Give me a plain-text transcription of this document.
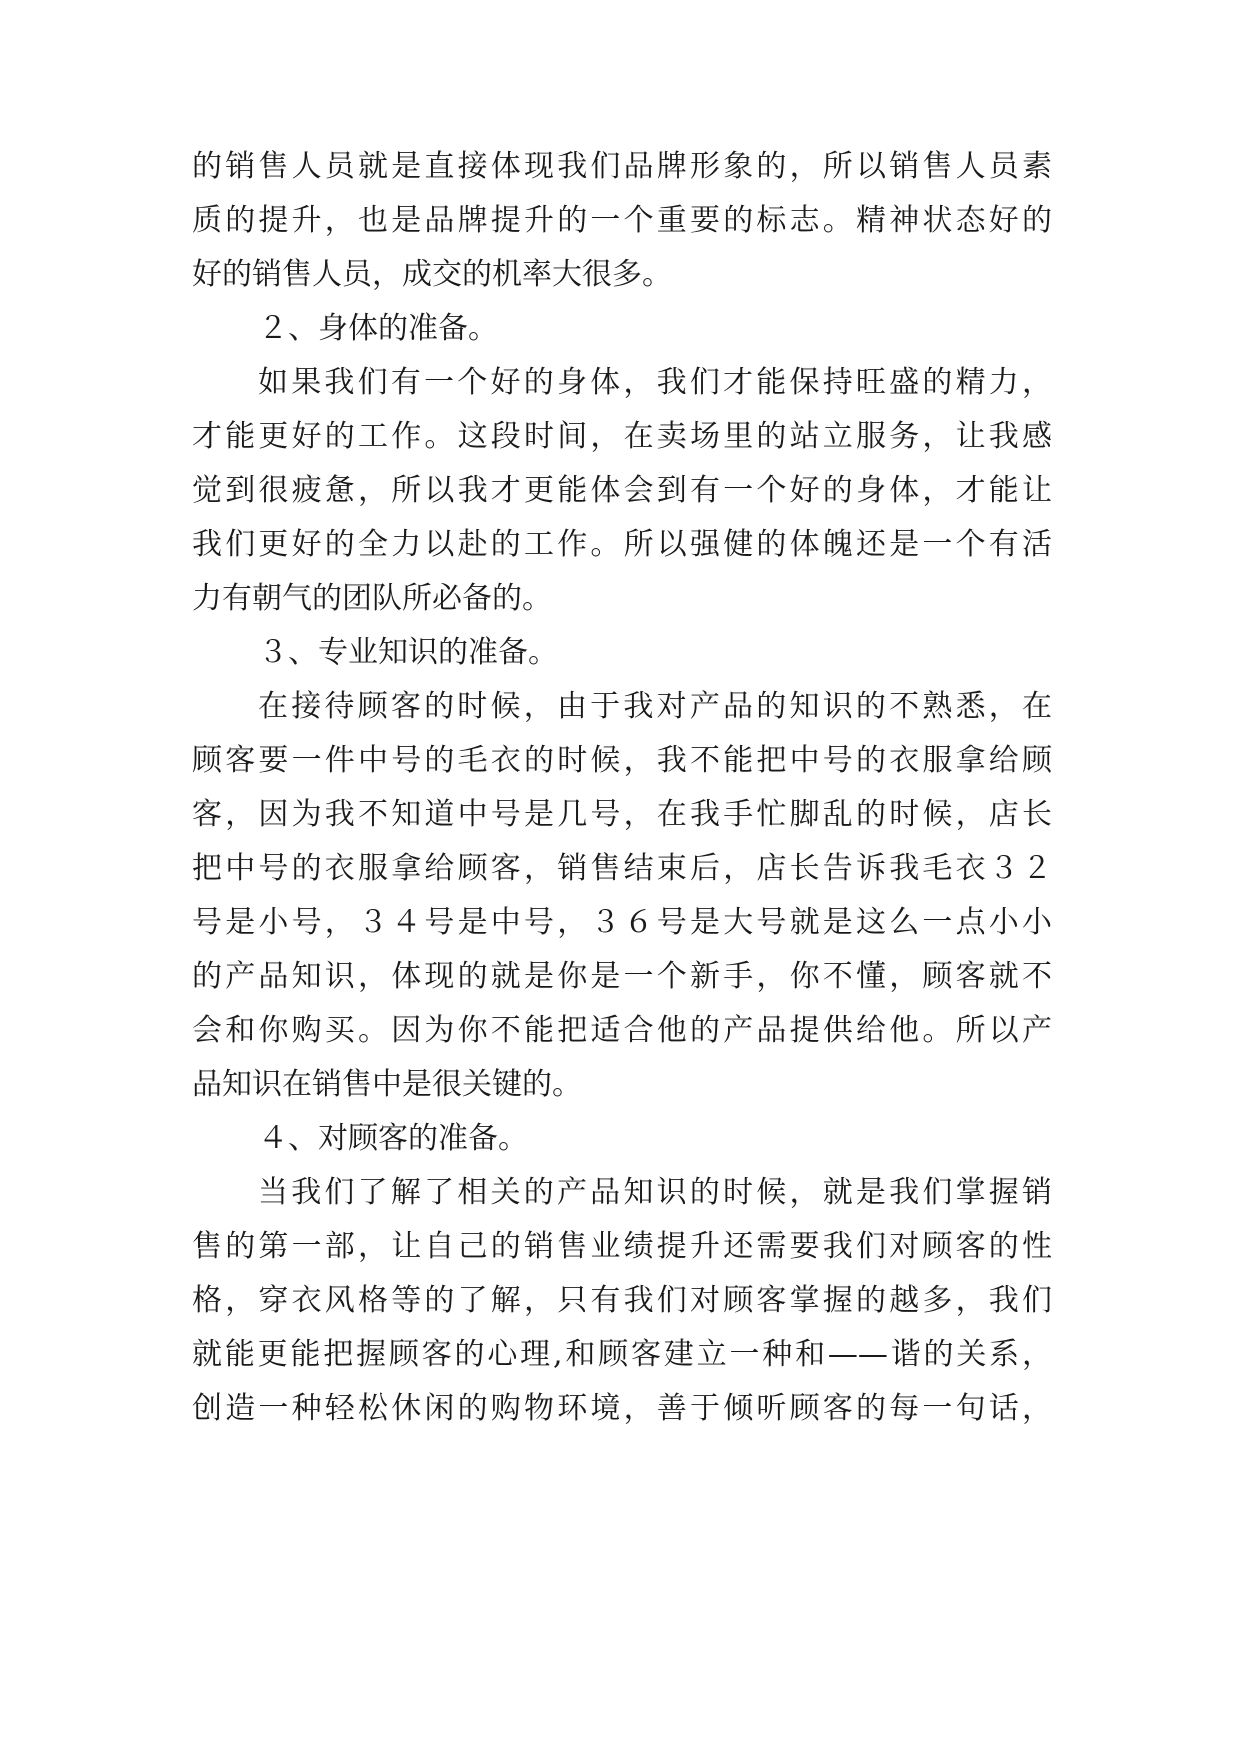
的销售人员就是直接体现我们品牌形象的，所以销售人员素
质的提升，也是品牌提升的一个重要的标志。精神状态好的
好的销售人员，成交的机率大很多。
２、身体的准备。
如果我们有一个好的身体，我们才能保持旺盛的精力，
才能更好的工作。这段时间，在卖场里的站立服务，让我感
觉到很疲惫，所以我才更能体会到有一个好的身体，才能让
我们更好的全力以赴的工作。所以强健的体魄还是一个有活
力有朝气的团队所必备的。
３、专业知识的准备。
在接待顾客的时候，由于我对产品的知识的不熟悉，在
顾客要一件中号的毛衣的时候，我不能把中号的衣服拿给顾
客，因为我不知道中号是几号，在我手忙脚乱的时候，店长
把中号的衣服拿给顾客，销售结束后，店长告诉我毛衣３２
号是小号，３４号是中号，３６号是大号就是这么一点小小
的产品知识，体现的就是你是一个新手，你不懂，顾客就不
会和你购买。因为你不能把适合他的产品提供给他。所以产
品知识在销售中是很关键的。
４、对顾客的准备。
当我们了解了相关的产品知识的时候，就是我们掌握销
售的第一部，让自己的销售业绩提升还需要我们对顾客的性
格，穿衣风格等的了解，只有我们对顾客掌握的越多，我们
就能更能把握顾客的心理,和顾客建立一种和——谐的关系，
创造一种轻松休闲的购物环境，善于倾听顾客的每一句话，
